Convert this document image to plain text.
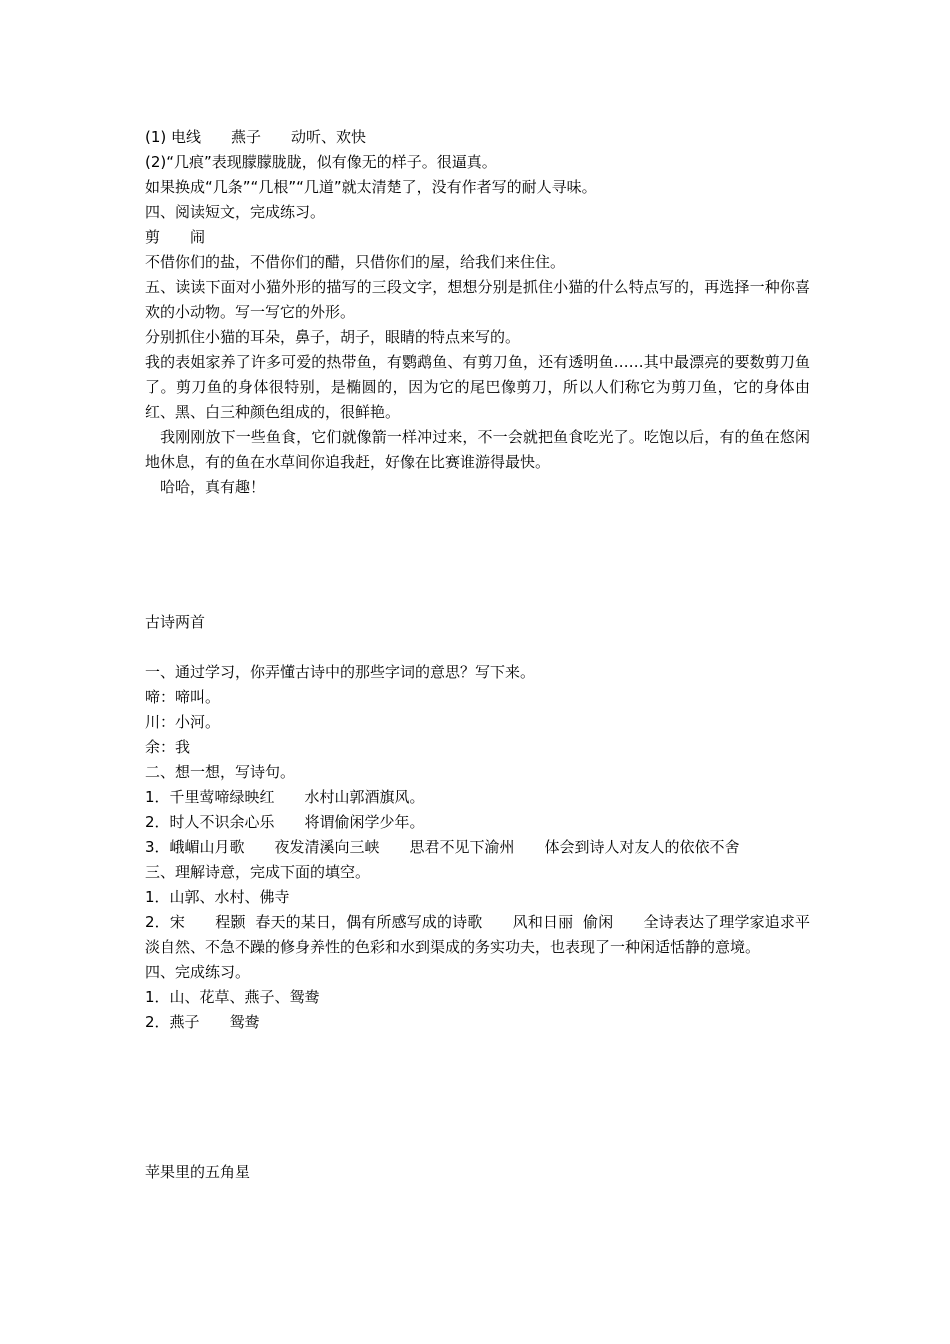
(1) 电线　　燕子　　动听、欢快
(2)“几痕”表现朦朦胧胧，似有像无的样子。很逼真。
如果换成“几条”“几根”“几道”就太清楚了，没有作者写的耐人寻味。
四、阅读短文，完成练习。
剪　　闹
不借你们的盐，不借你们的醋，只借你们的屋，给我们来住住。
五、读读下面对小猫外形的描写的三段文字，想想分别是抓住小猫的什么特点写的，再选择一种你喜欢的小动物。写一写它的外形。
分别抓住小猫的耳朵，鼻子，胡子，眼睛的特点来写的。
我的表姐家养了许多可爱的热带鱼，有鹦鹉鱼、有剪刀鱼，还有透明鱼……其中最漂亮的要数剪刀鱼了。剪刀鱼的身体很特别，是椭圆的，因为它的尾巴像剪刀，所以人们称它为剪刀鱼，它的身体由红、黑、白三种颜色组成的，很鲜艳。
　我刚刚放下一些鱼食，它们就像箭一样冲过来，不一会就把鱼食吃光了。吃饱以后，有的鱼在悠闲地休息，有的鱼在水草间你追我赶，好像在比赛谁游得最快。
　哈哈，真有趣！
古诗两首
一、通过学习，你弄懂古诗中的那些字词的意思？写下来。
啼：啼叫。
川：小河。
余：我
二、想一想，写诗句。
1．千里莺啼绿映红　　水村山郭酒旗风。
2．时人不识余心乐　　将谓偷闲学少年。
3．峨嵋山月歌　　夜发清溪向三峡　　思君不见下渝州　　体会到诗人对友人的依依不舍
三、理解诗意，完成下面的填空。
1．山郭、水村、佛寺
2．宋　　程颢  春天的某日，偶有所感写成的诗歌　　风和日丽  偷闲　　全诗表达了理学家追求平淡自然、不急不躁的修身养性的色彩和水到渠成的务实功夫，也表现了一种闲适恬静的意境。
四、完成练习。
1．山、花草、燕子、鸳鸯
2．燕子　　鸳鸯
苹果里的五角星
